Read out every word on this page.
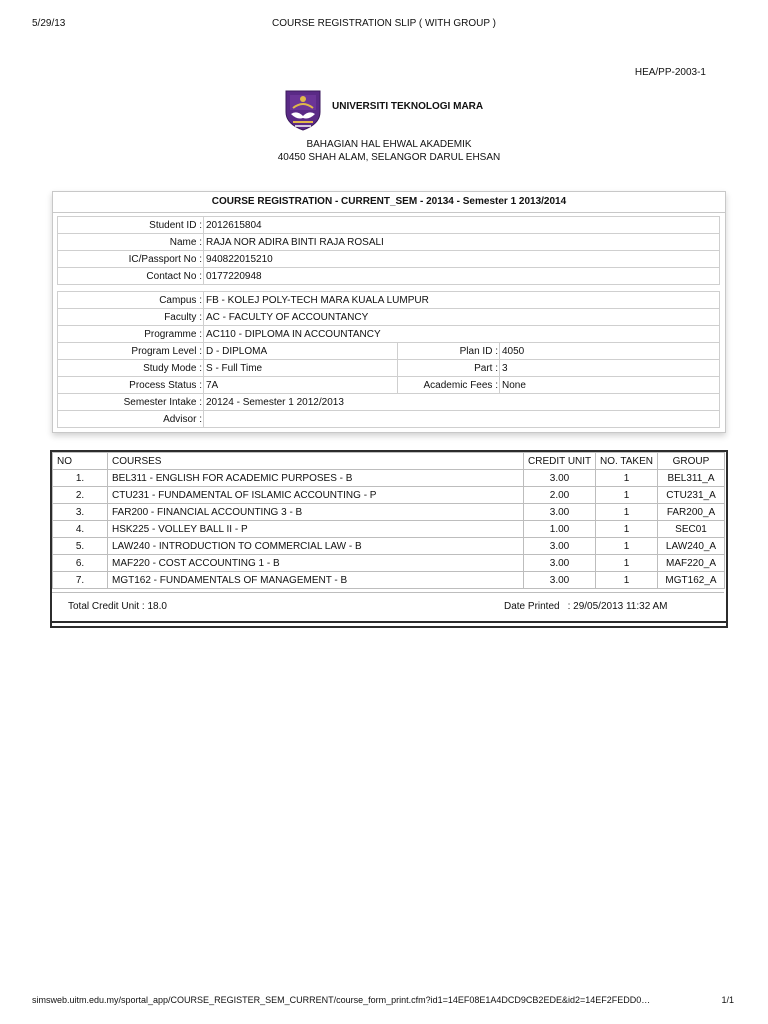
COURSE REGISTRATION SLIP ( WITH GROUP )
5/29/13
HEA/PP-2003-1
UNIVERSITI TEKNOLOGI MARA
BAHAGIAN HAL EHWAL AKADEMIK
40450 SHAH ALAM, SELANGOR DARUL EHSAN
COURSE REGISTRATION - CURRENT_SEM - 20134 - Semester 1 2013/2014
Student ID :	2012615804
Name :	RAJA NOR ADIRA BINTI RAJA ROSALI
IC/Passport No :	940822015210
Contact No :	0177220948
Campus :	FB - KOLEJ POLY-TECH MARA KUALA LUMPUR		
Faculty :	AC - FACULTY OF ACCOUNTANCY		
Programme :	AC110 - DIPLOMA IN ACCOUNTANCY		
Program Level :	D - DIPLOMA	Plan ID :	4050
Study Mode :	S - Full Time	Part :	3
Process Status :	7A	Academic Fees :	None
Semester Intake :	20124 - Semester 1 2012/2013		
Advisor :	
NO	COURSES	CREDIT UNIT	NO. TAKEN	GROUP
1.	BEL311 - ENGLISH FOR ACADEMIC PURPOSES - B	3.00	1	BEL311_A
2.	CTU231 - FUNDAMENTAL OF ISLAMIC ACCOUNTING - P	2.00	1	CTU231_A
3.	FAR200 - FINANCIAL ACCOUNTING 3 - B	3.00	1	FAR200_A
4.	HSK225 - VOLLEY BALL II - P	1.00	1	SEC01
5.	LAW240 - INTRODUCTION TO COMMERCIAL LAW - B	3.00	1	LAW240_A
6.	MAF220 - COST ACCOUNTING 1 - B	3.00	1	MAF220_A
7.	MGT162 - FUNDAMENTALS OF MANAGEMENT - B	3.00	1	MGT162_A
Total Credit Unit : 18.0	Date Printed : 29/05/2013 11:32 AM
simsweb.uitm.edu.my/sportal_app/COURSE_REGISTER_SEM_CURRENT/course_form_print.cfm?id1=14EF08E1A4DCD9CB2EDE&id2=14EF2FEDD0…	1/1
